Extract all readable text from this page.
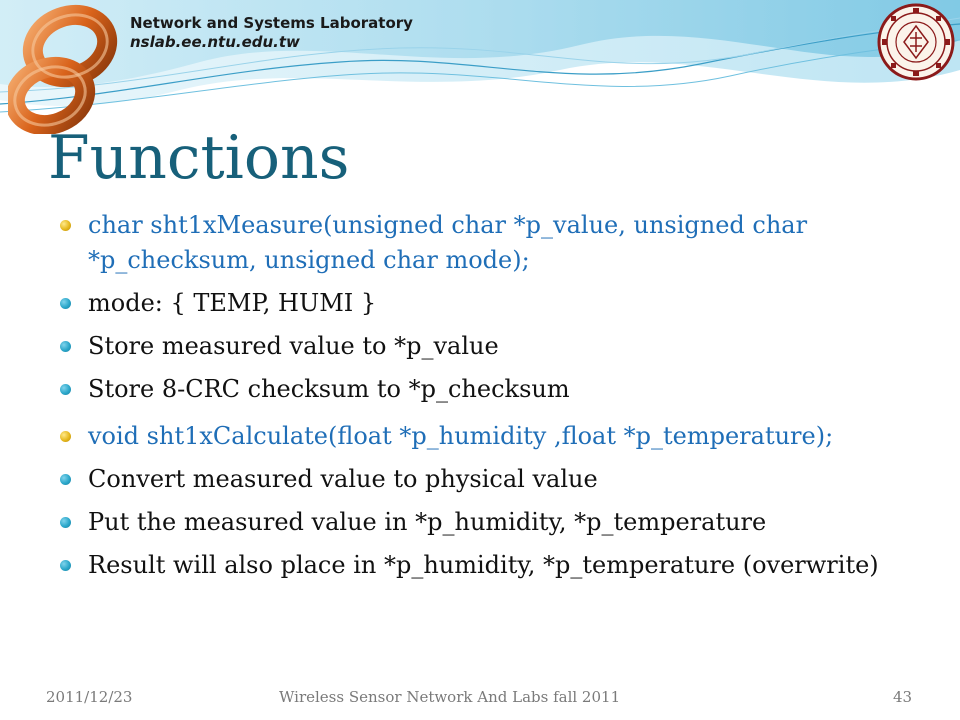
Network and Systems Laboratory
nslab.ee.ntu.edu.tw
Functions
char sht1xMeasure(unsigned char *p_value, unsigned char *p_checksum, unsigned char mode);
mode: { TEMP, HUMI }
Store measured value to *p_value
Store 8-CRC checksum to *p_checksum
void sht1xCalculate(float *p_humidity ,float *p_temperature);
Convert measured value to physical value
Put the measured value in *p_humidity, *p_temperature
Result will also place in *p_humidity, *p_temperature (overwrite)
2011/12/23	Wireless Sensor Network And Labs fall 2011	43
